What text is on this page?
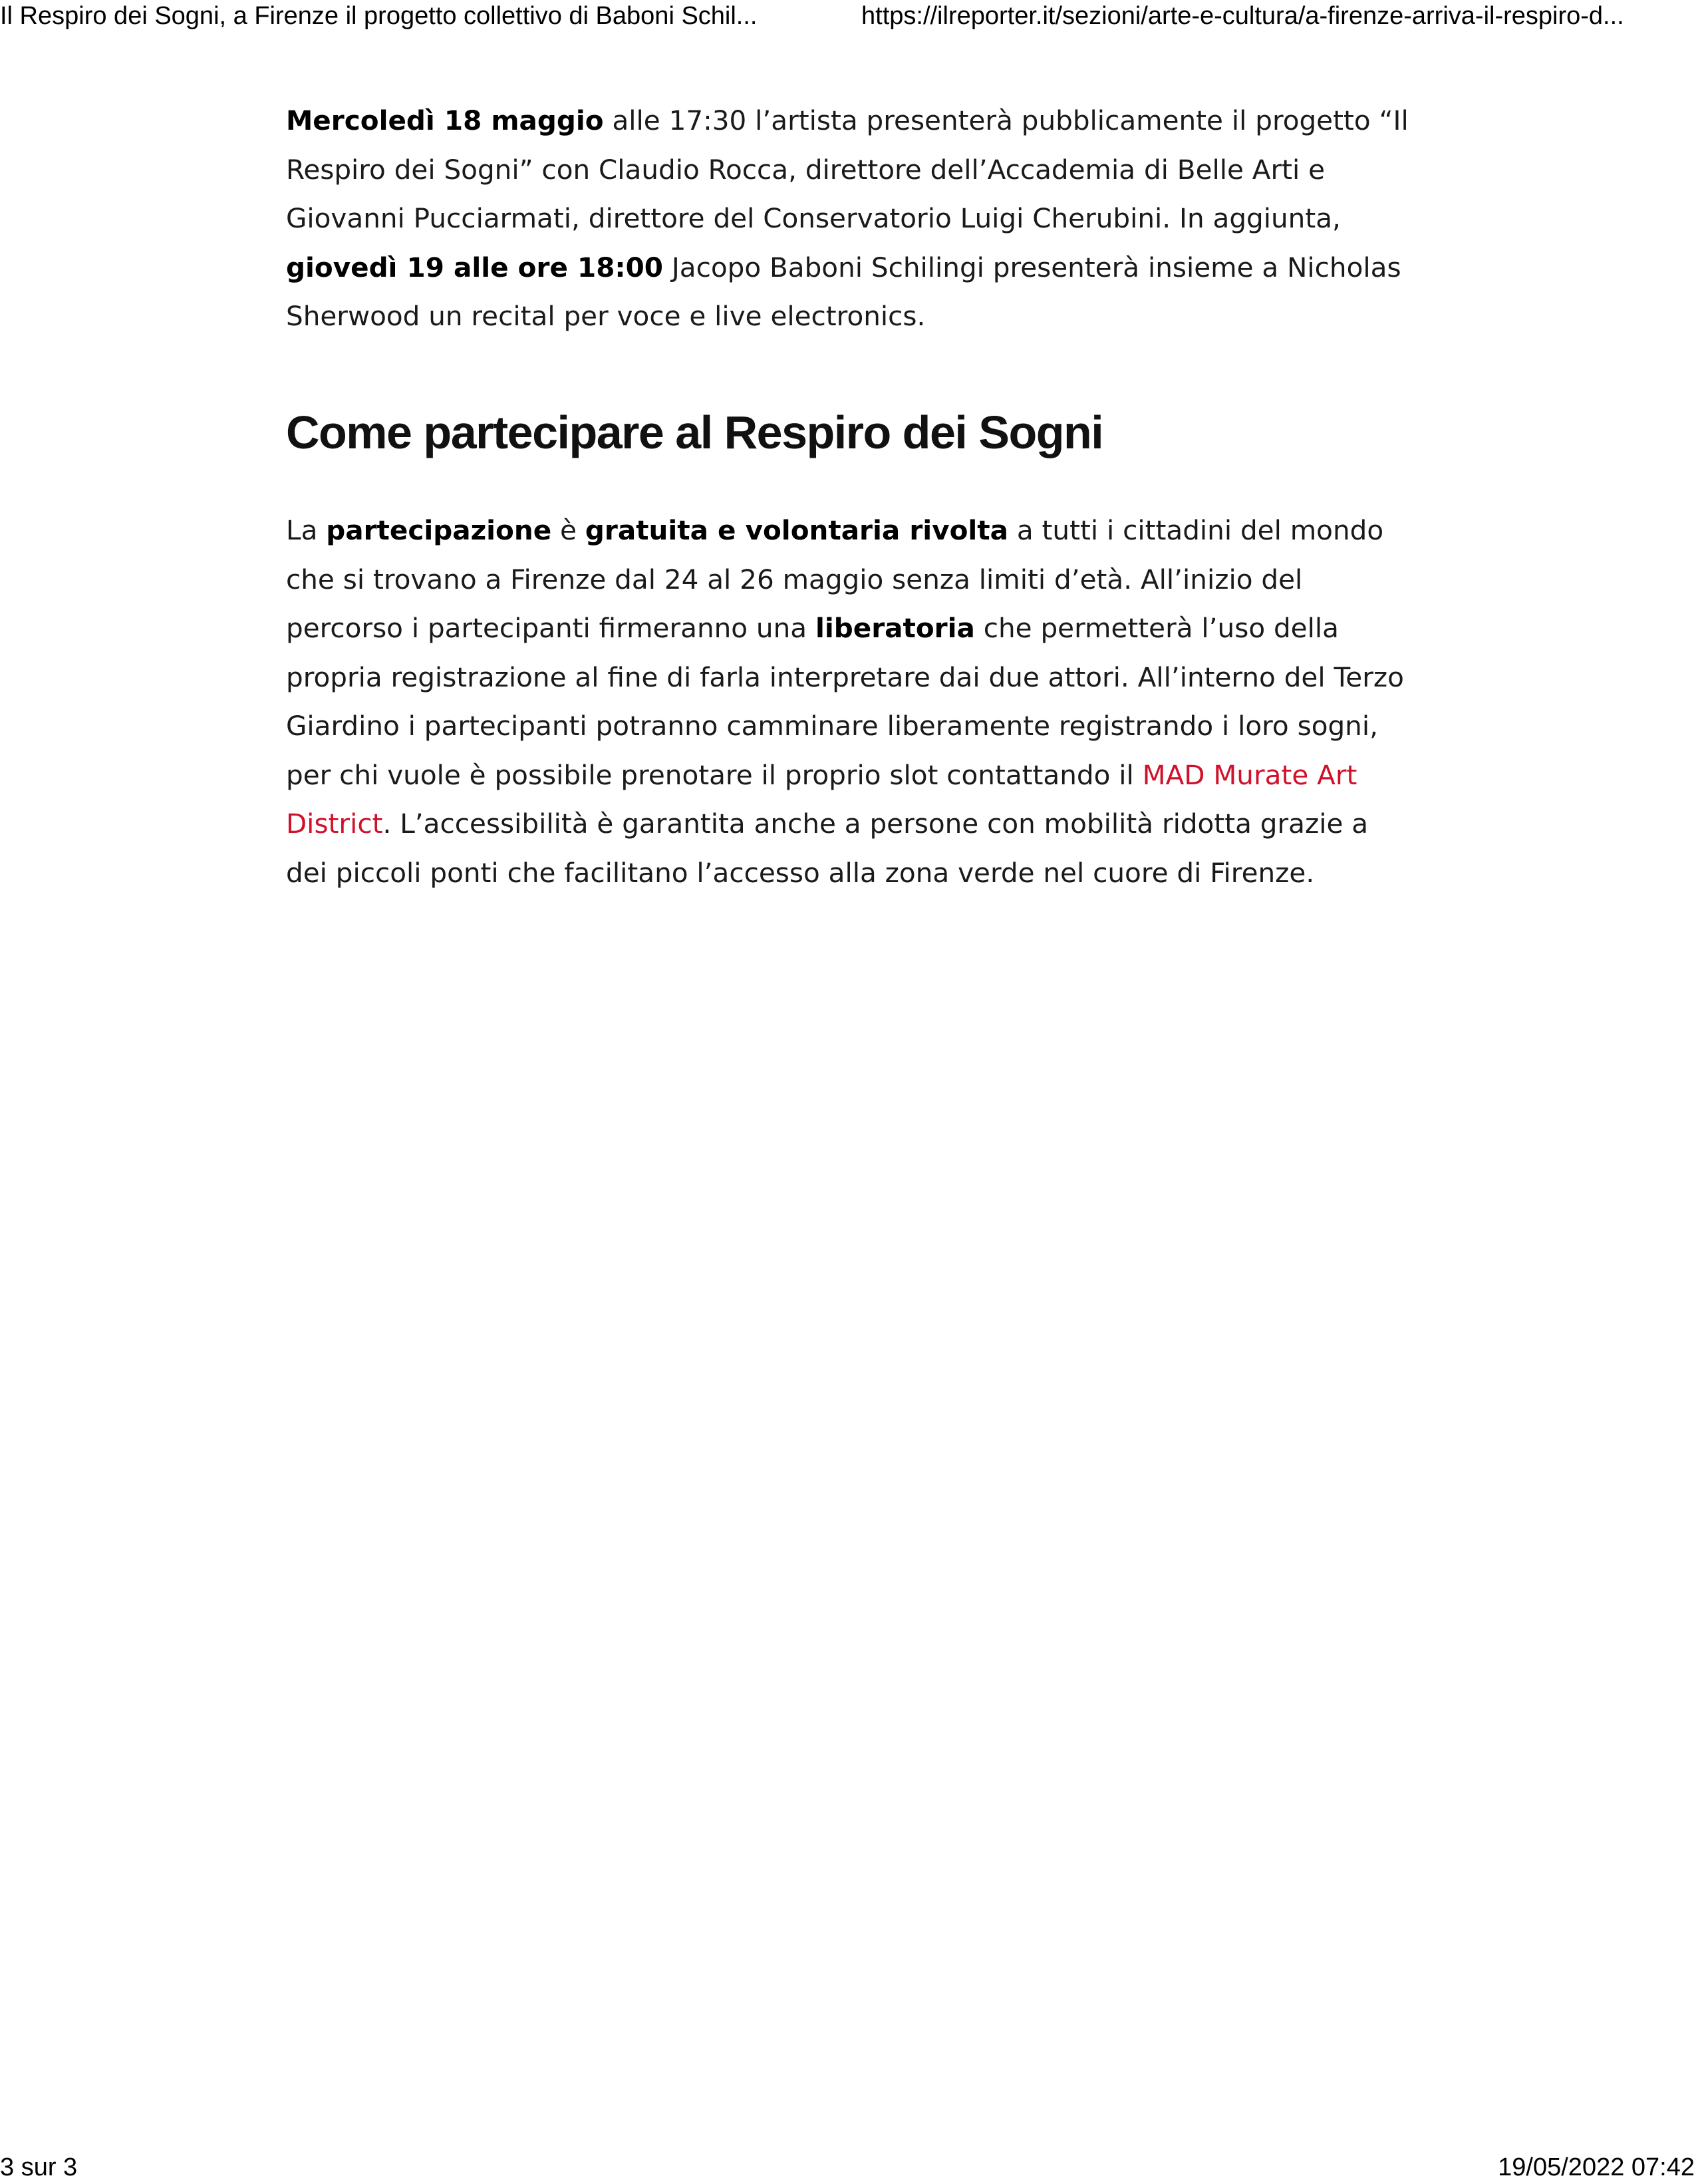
Il Respiro dei Sogni, a Firenze il progetto collettivo di Baboni Schil...	https://ilreporter.it/sezioni/arte-e-cultura/a-firenze-arriva-il-respiro-d...

Mercoledì 18 maggio alle 17:30 l’artista presenterà pubblicamente il progetto “Il Respiro dei Sogni” con Claudio Rocca, direttore dell’Accademia di Belle Arti e Giovanni Pucciarmati, direttore del Conservatorio Luigi Cherubini. In aggiunta, giovedì 19 alle ore 18:00 Jacopo Baboni Schilingi presenterà insieme a Nicholas Sherwood un recital per voce e live electronics.

Come partecipare al Respiro dei Sogni

La partecipazione è gratuita e volontaria rivolta a tutti i cittadini del mondo che si trovano a Firenze dal 24 al 26 maggio senza limiti d’età. All’inizio del percorso i partecipanti firmeranno una liberatoria che permetterà l’uso della propria registrazione al fine di farla interpretare dai due attori. All’interno del Terzo Giardino i partecipanti potranno camminare liberamente registrando i loro sogni, per chi vuole è possibile prenotare il proprio slot contattando il MAD Murate Art District. L’accessibilità è garantita anche a persone con mobilità ridotta grazie a dei piccoli ponti che facilitano l’accesso alla zona verde nel cuore di Firenze.

3 sur 3	19/05/2022 07:42
